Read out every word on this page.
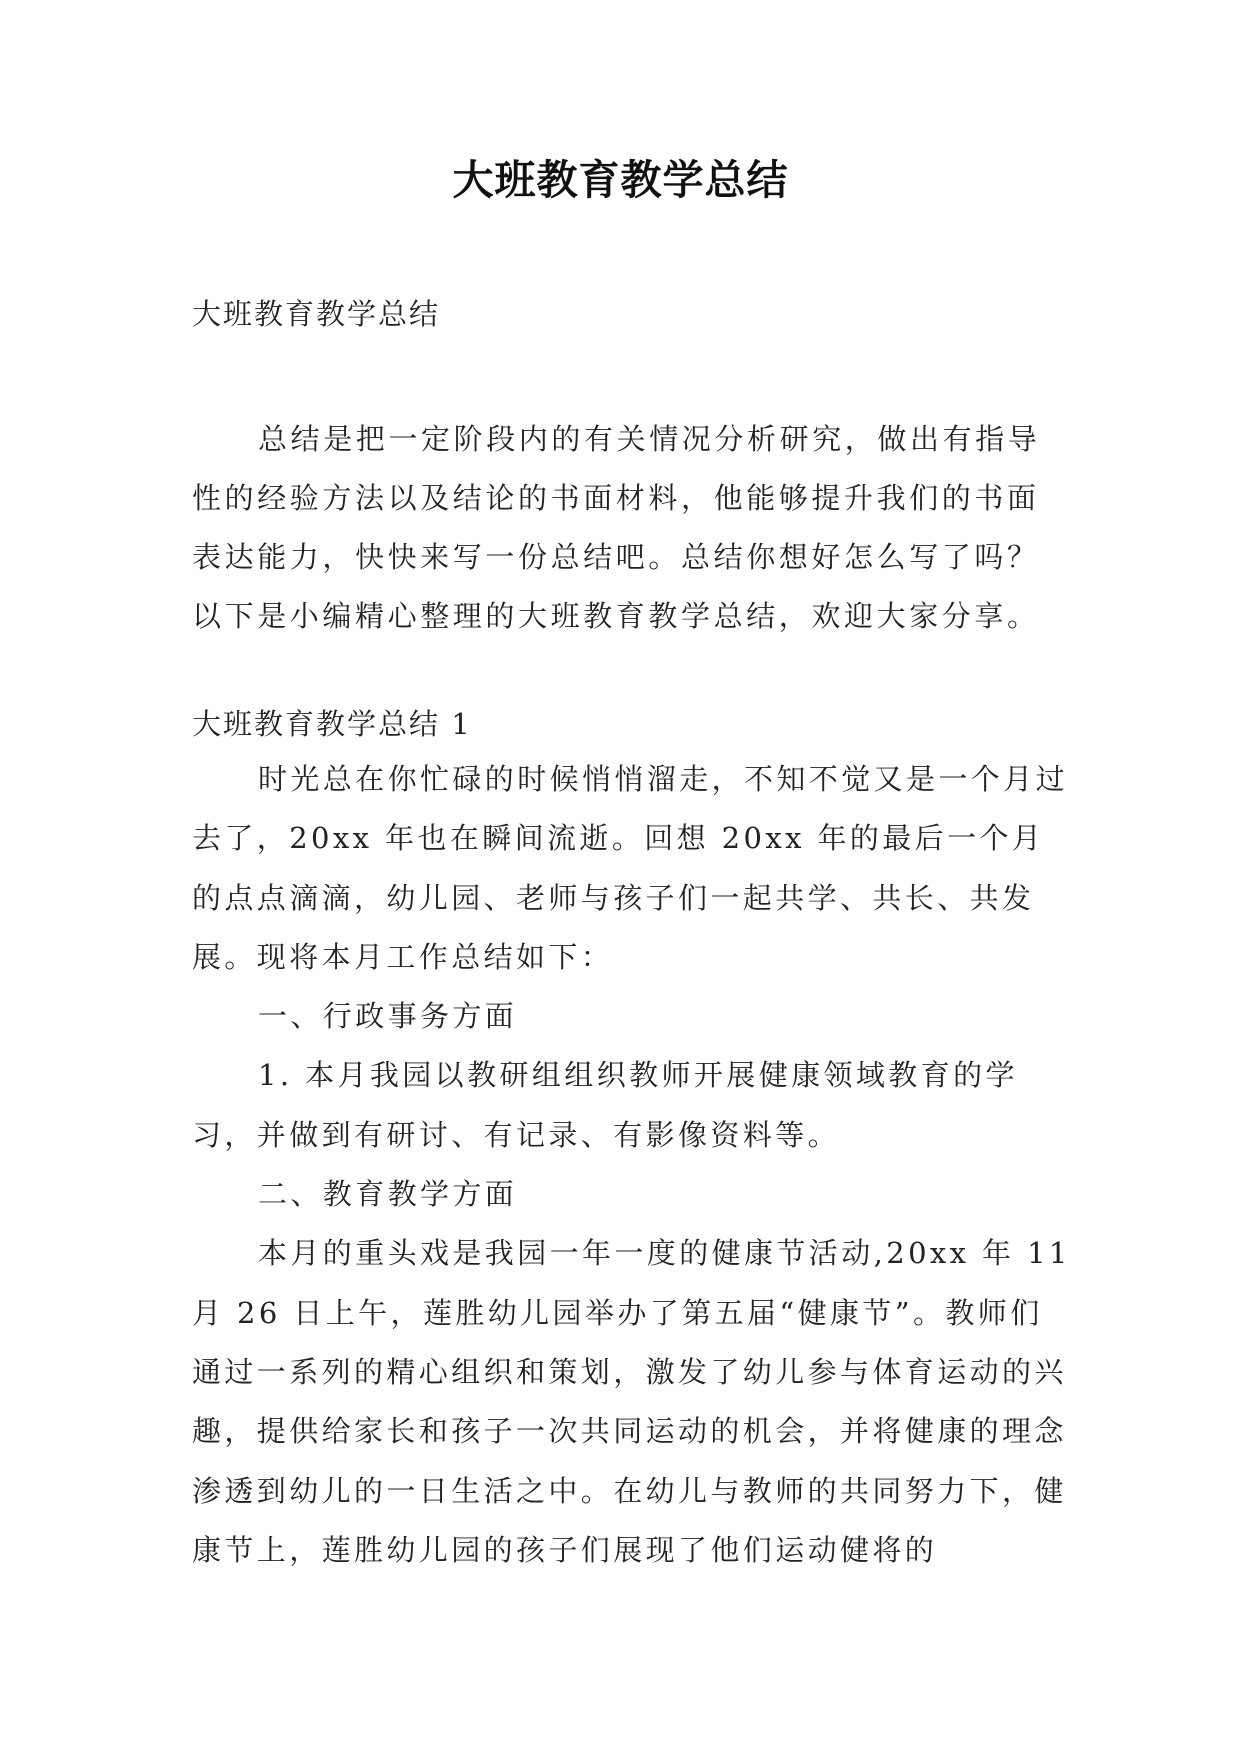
大班教育教学总结
大班教育教学总结

总结是把一定阶段内的有关情况分析研究，做出有指导性的经验方法以及结论的书面材料，他能够提升我们的书面表达能力，快快来写一份总结吧。总结你想好怎么写了吗？以下是小编精心整理的大班教育教学总结，欢迎大家分享。

大班教育教学总结 1

时光总在你忙碌的时候悄悄溜走，不知不觉又是一个月过去了，20xx 年也在瞬间流逝。回想 20xx 年的最后一个月的点点滴滴，幼儿园、老师与孩子们一起共学、共长、共发展。现将本月工作总结如下：

一、行政事务方面

1. 本月我园以教研组组织教师开展健康领域教育的学习，并做到有研讨、有记录、有影像资料等。

二、教育教学方面

本月的重头戏是我园一年一度的健康节活动,20xx 年 11 月 26 日上午，莲胜幼儿园举办了第五届“健康节”。教师们通过一系列的精心组织和策划，激发了幼儿参与体育运动的兴趣，提供给家长和孩子一次共同运动的机会，并将健康的理念渗透到幼儿的一日生活之中。在幼儿与教师的共同努力下，健康节上，莲胜幼儿园的孩子们展现了他们运动健将的
